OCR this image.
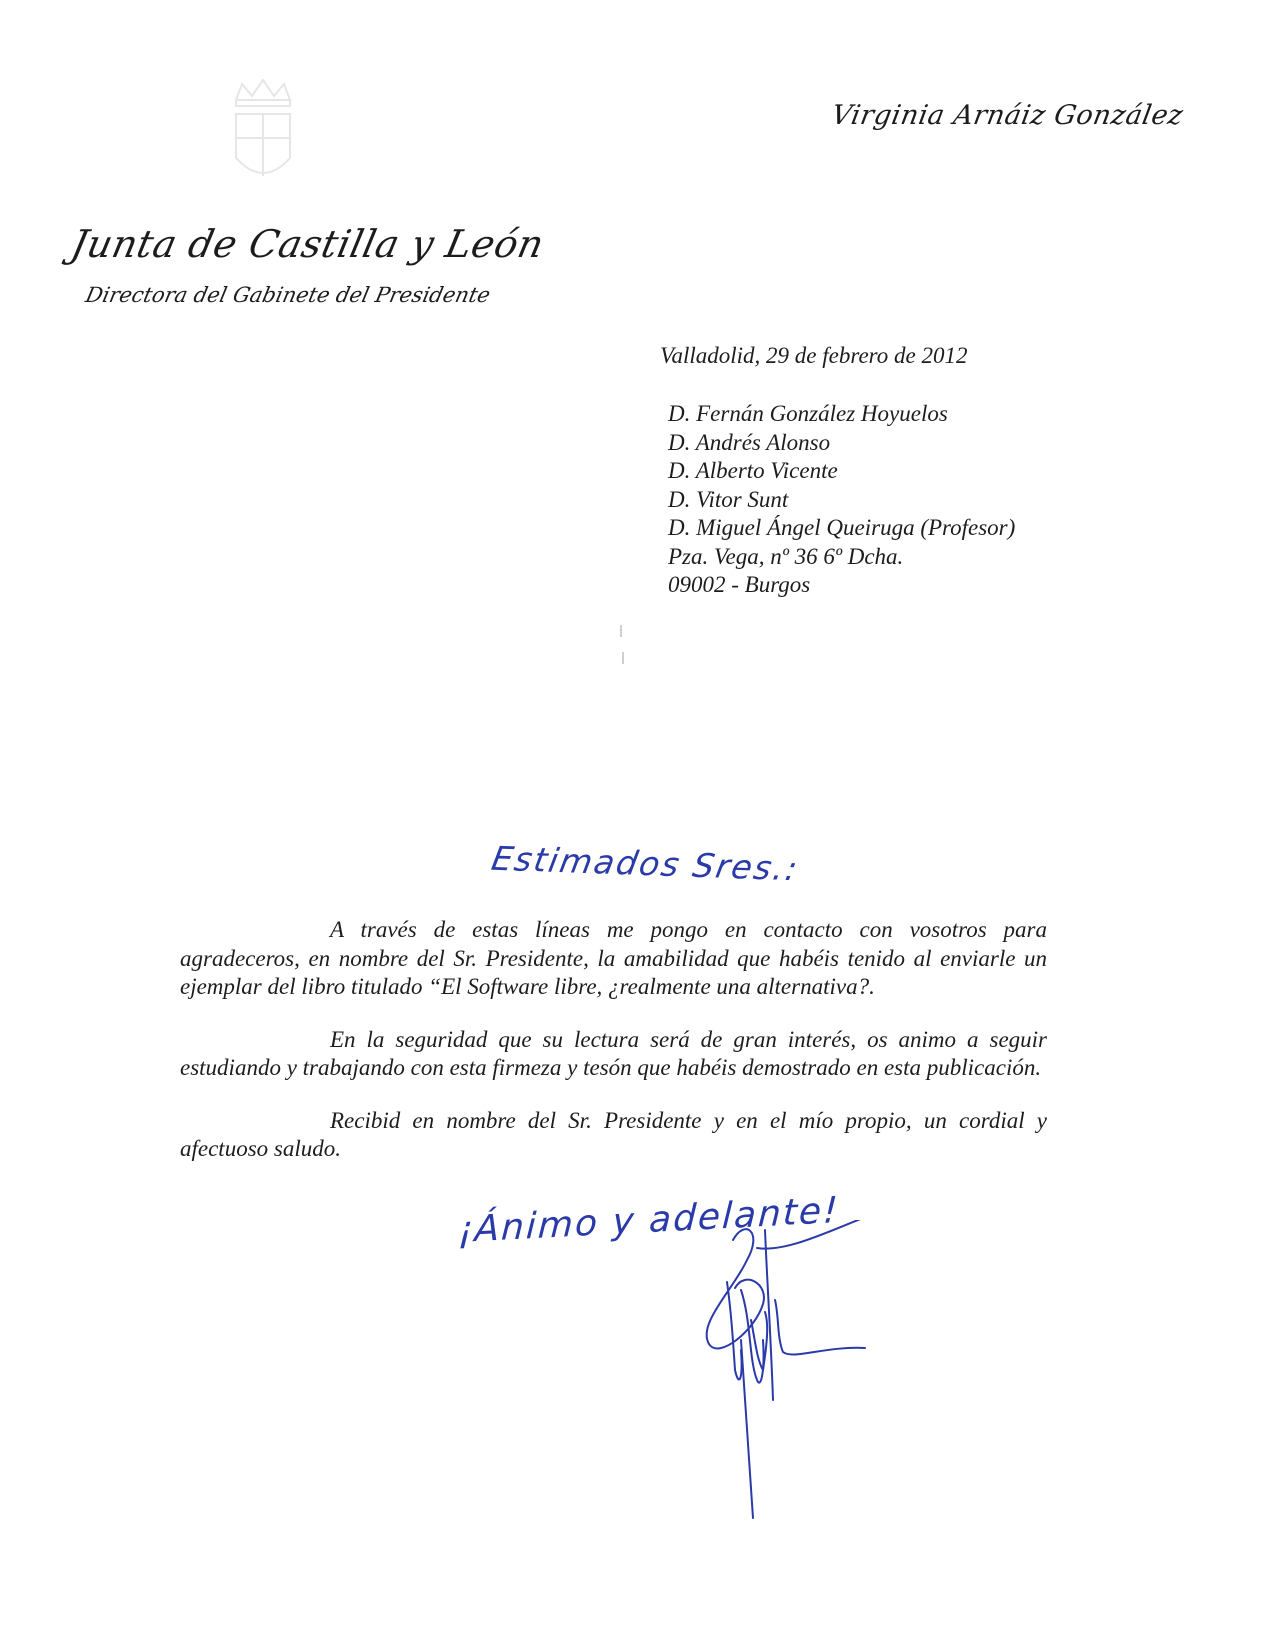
Virginia Arnáiz González
Junta de Castilla y León
Directora del Gabinete del Presidente
Valladolid, 29 de febrero de 2012
D. Fernán González Hoyuelos
D. Andrés Alonso
D. Alberto Vicente
D. Vitor Sunt
D. Miguel Ángel Queiruga (Profesor)
Pza. Vega, nº 36 6º Dcha.
09002 - Burgos
Estimados Sres.:

A través de estas líneas me pongo en contacto con vosotros para agradeceros, en nombre del Sr. Presidente, la amabilidad que habéis tenido al enviarle un ejemplar del libro titulado “El Software libre, ¿realmente una alternativa?.

En la seguridad que su lectura será de gran interés, os animo a seguir estudiando y trabajando con esta firmeza y tesón que habéis demostrado en esta publicación.

Recibid en nombre del Sr. Presidente y en el mío propio, un cordial y afectuoso saludo.

¡Ánimo y adelante!
